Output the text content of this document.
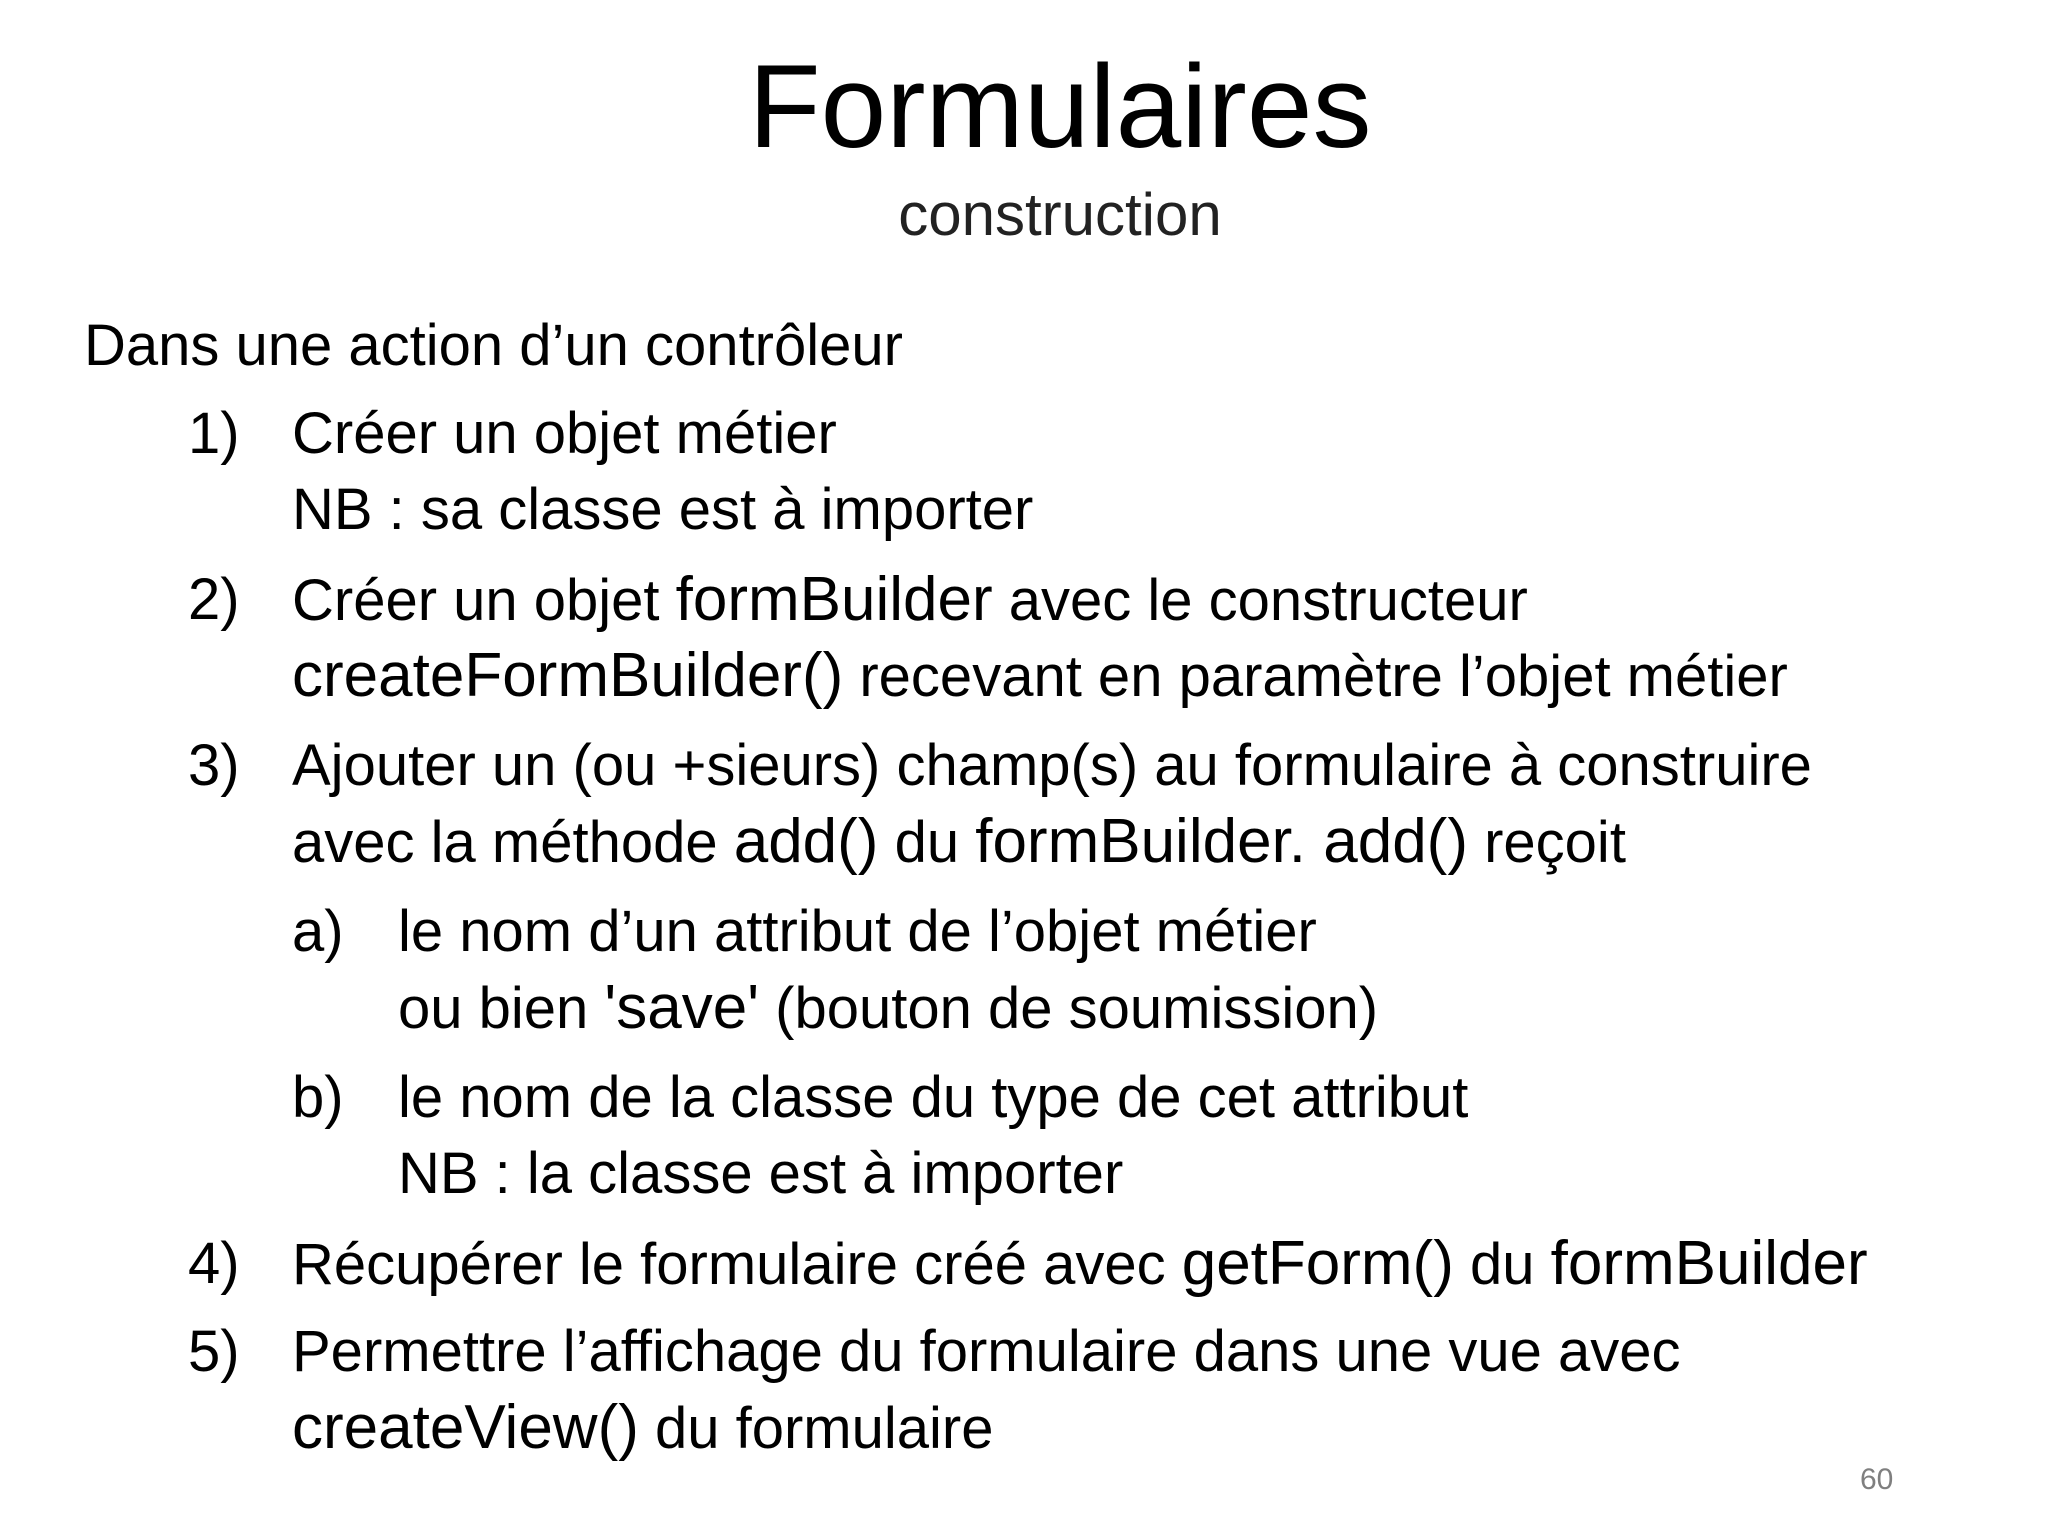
Formulaires
construction
Dans une action d’un contrôleur
1) Créer un objet métier
NB : sa classe est à importer
2) Créer un objet formBuilder avec le constructeur
createFormBuilder() recevant en paramètre l’objet métier
3) Ajouter un (ou +sieurs) champ(s) au formulaire à construire
avec la méthode add() du formBuilder. add() reçoit
a) le nom d’un attribut de l’objet métier
ou bien 'save' (bouton de soumission)
b) le nom de la classe du type de cet attribut
NB : la classe est à importer
4) Récupérer le formulaire créé avec getForm() du formBuilder
5) Permettre l’affichage du formulaire dans une vue avec
createView() du formulaire
60
